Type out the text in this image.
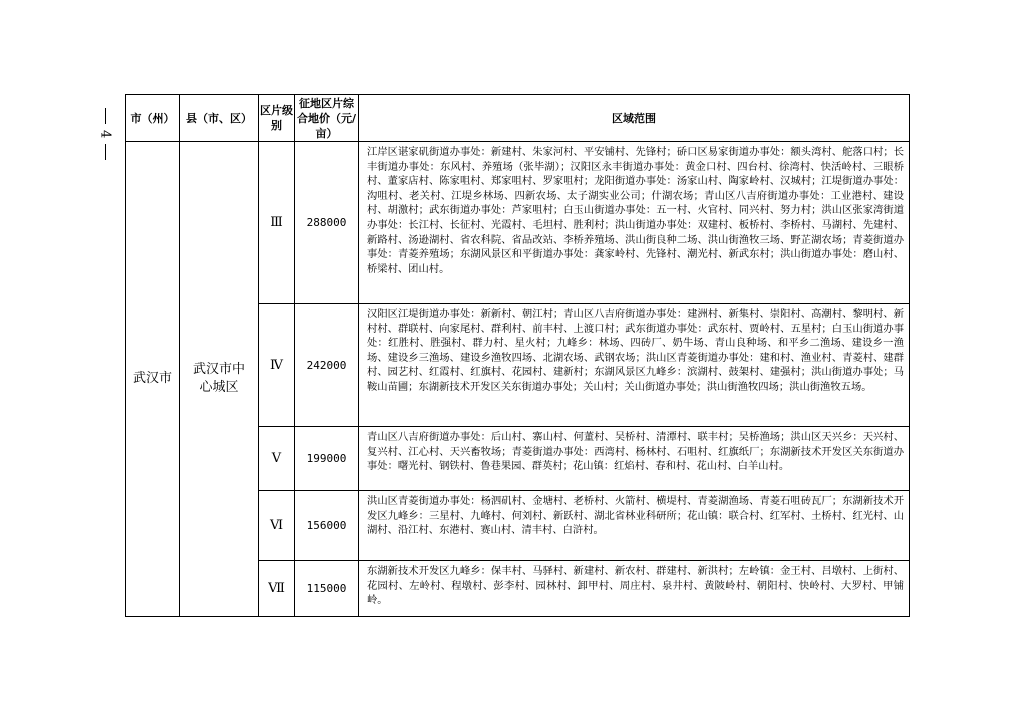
4
市（州）	县（市、区）	区片级别	征地区片综合地价（元/亩）	区域范围
武汉市	武汉市中心城区	Ⅲ	288000	江岸区谌家矶街道办事处：新建村、朱家河村、平安铺村、先锋村；硚口区易家街道办事处：额头湾村、舵落口村；长丰街道办事处：东风村、养殖场（张毕湖）；汉阳区永丰街道办事处：黄金口村、四台村、徐湾村、快活岭村、三眼桥村、董家店村、陈家咀村、郑家咀村、罗家咀村；龙阳街道办事处：汤家山村、陶家岭村、汉城村；江堤街道办事处：沟咀村、老关村、江堤乡林场、四新农场、太子湖实业公司；什湖农场；青山区八吉府街道办事处：工业港村、建设村、胡激村；武东街道办事处：芦家咀村；白玉山街道办事处：五一村、火官村、同兴村、努力村；洪山区张家湾街道办事处：长江村、长征村、光霞村、毛坦村、胜利村；洪山街道办事处：双建村、板桥村、李桥村、马湖村、先建村、新路村、汤逊湖村、省农科院、省品改站、李桥养殖场、洪山街良种二场、洪山街渔牧三场、野芷湖农场；青菱街道办事处：青菱养殖场；东湖风景区和平街道办事处：龚家岭村、先锋村、潮光村、新武东村；洪山街道办事处：磨山村、桥梁村、团山村。
		Ⅳ	242000	汉阳区江堤街道办事处：新新村、朝江村；青山区八吉府街道办事处：建洲村、新集村、崇阳村、高潮村、黎明村、新村村、群联村、向家尾村、群利村、前丰村、上渡口村；武东街道办事处：武东村、贾岭村、五星村；白玉山街道办事处：红胜村、胜强村、群力村、星火村；九峰乡：林场、四砖厂、奶牛场、青山良种场、和平乡二渔场、建设乡一渔场、建设乡三渔场、建设乡渔牧四场、北湖农场、武钢农场；洪山区青菱街道办事处：建和村、渔业村、青菱村、建群村、园艺村、红霞村、红旗村、花园村、建新村；东湖风景区九峰乡：滨湖村、鼓架村、建强村；洪山街道办事处；马鞍山苗圃；东湖新技术开发区关东街道办事处；关山村；关山街道办事处；洪山街渔牧四场；洪山街渔牧五场。
		Ⅴ	199000	青山区八吉府街道办事处：后山村、寨山村、何董村、吴桥村、清潭村、联丰村；吴桥渔场；洪山区天兴乡：天兴村、复兴村、江心村、天兴畜牧场；青菱街道办事处：西湾村、杨林村、石咀村、红旗纸厂；东湖新技术开发区关东街道办事处：曙光村、钢铁村、鲁巷果园、群英村；花山镇：红焰村、春和村、花山村、白羊山村。
		Ⅵ	156000	洪山区青菱街道办事处：杨泗矶村、金塘村、老桥村、火箭村、横堤村、青菱湖渔场、青菱石咀砖瓦厂；东湖新技术开发区九峰乡：三星村、九峰村、何刘村、新跃村、湖北省林业科研所；花山镇：联合村、红军村、土桥村、红光村、山湖村、沿江村、东港村、赛山村、清丰村、白浒村。
		Ⅶ	115000	东湖新技术开发区九峰乡：保丰村、马驿村、新建村、新农村、群建村、新洪村；左岭镇：金王村、吕墩村、上街村、花园村、左岭村、程墩村、彭李村、园林村、卸甲村、周庄村、泉井村、黄陂岭村、朝阳村、快岭村、大罗村、甲铺岭。
